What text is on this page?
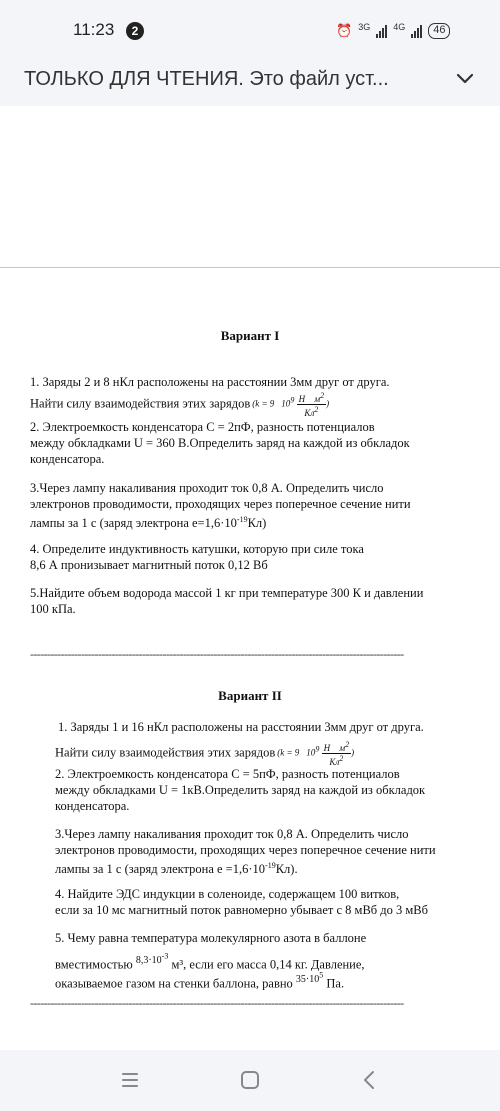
11:23	2	⏰ 3G	4G	46
ТОЛЬКО ДЛЯ ЧТЕНИЯ. Это файл уст...
Вариант I
1. Заряды 2 и 8 нКл расположены на расстоянии 3мм друг от друга.
Найти силу взаимодействия этих зарядов (k = 9⃞109 $\frac{Н ⃞м2}{Кл2}$ )
2. Электроемкость конденсатора С = 2пФ, разность потенциалов
между обкладками U = 360 В.Определить заряд на каждой из обкладок
конденсатора.
3.Через лампу накаливания проходит ток 0,8 А. Определить число
электронов проводимости, проходящих через поперечное сечение нити
лампы за 1 с (заряд электрона $е=1,6\cdot 10^{-19}Кл$)
4. Определите индуктивность катушки, которую при силе тока
8,6 А пронизывает магнитный поток 0,12 Вб
5.Найдите объем водорода массой 1 кг при температуре 300 К и давлении
100 кПа.
--------------------------------------------------------------------------------------------------------------
Вариант II
1. Заряды 1 и 16 нКл расположены на расстоянии 3мм друг от друга.
Найти силу взаимодействия этих зарядов (k = 9⃞109 $\frac{Н ⃞м2}{Кл2}$ )
2. Электроемкость конденсатора С = 5пФ, разность потенциалов
между обкладками U = 1кВ.Определить заряд на каждой из обкладок
конденсатора.
3.Через лампу накаливания проходит ток 0,8 А. Определить число
электронов проводимости, проходящих через поперечное сечение нити
лампы за 1 с (заряд электрона $е =1,6\cdot 10^{-19}Кл$).
4. Найдите ЭДС индукции в соленоиде, содержащем 100 витков,
если за 10 мс магнитный поток равномерно убывает с 8 мВб до 3 мВб
5. Чему равна температура молекулярного азота в баллоне
вместимостью $^{8,3\cdot 10^{-3}}$ м³, если его масса 0,14 кг. Давление,
оказываемое газом на стенки баллона, равно $^{35\cdot 10^5}$ Па.
--------------------------------------------------------------------------------------------------------------
